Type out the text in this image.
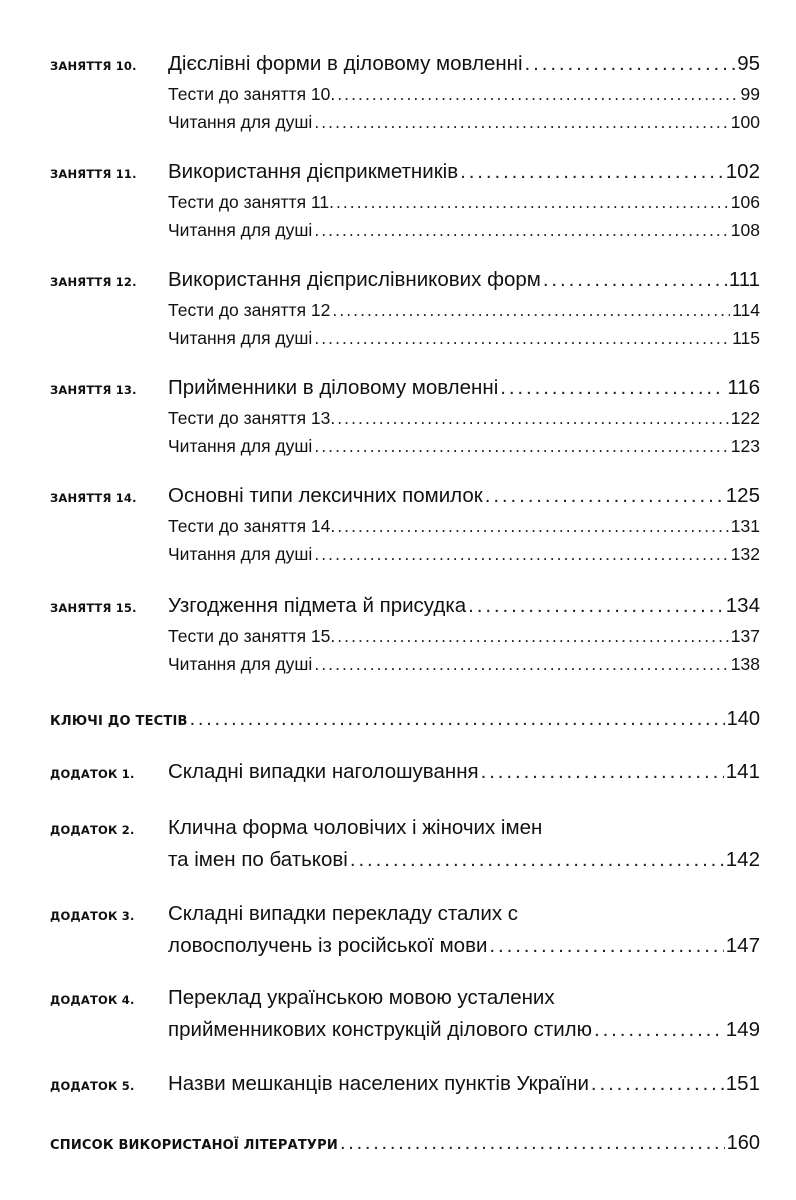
ЗАНЯТТЯ 10. Дієслівні форми в діловому мовленні . . .	95
Тести до заняття 10. . . .	99
Читання для душі . . .	100
ЗАНЯТТЯ 11. Використання дієприкметників . . .	102
Тести до заняття 11. . . .	106
Читання для душі . . .	108
ЗАНЯТТЯ 12. Використання дієприслівникових форм . . .	111
Тести до заняття 12 . . .	114
Читання для душі . . .	115
ЗАНЯТТЯ 13. Прийменники в діловому мовленні . . .	116
Тести до заняття 13. . . .	122
Читання для душі . . .	123
ЗАНЯТТЯ 14. Основні типи лексичних помилок . . .	125
Тести до заняття 14. . . .	131
Читання для душі . . .	132
ЗАНЯТТЯ 15. Узгодження підмета й присудка . . .	134
Тести до заняття 15. . . .	137
Читання для душі . . .	138
КЛЮЧІ ДО ТЕСТІВ . . .	140
ДОДАТОК 1. Складні випадки наголошування . . .	141
ДОДАТОК 2. Клична форма чоловічих і жіночих імен
та імен по батькові . . .	142
ДОДАТОК 3. Складні випадки перекладу сталих с
ловосполучень із російської мови . . .	147
ДОДАТОК 4. Переклад українською мовою усталених
прийменникових конструкцій ділового стилю . . .	149
ДОДАТОК 5. Назви мешканців населених пунктів України . . .	151
СПИСОК ВИКОРИСТАНОЇ ЛІТЕРАТУРИ . . .	160
